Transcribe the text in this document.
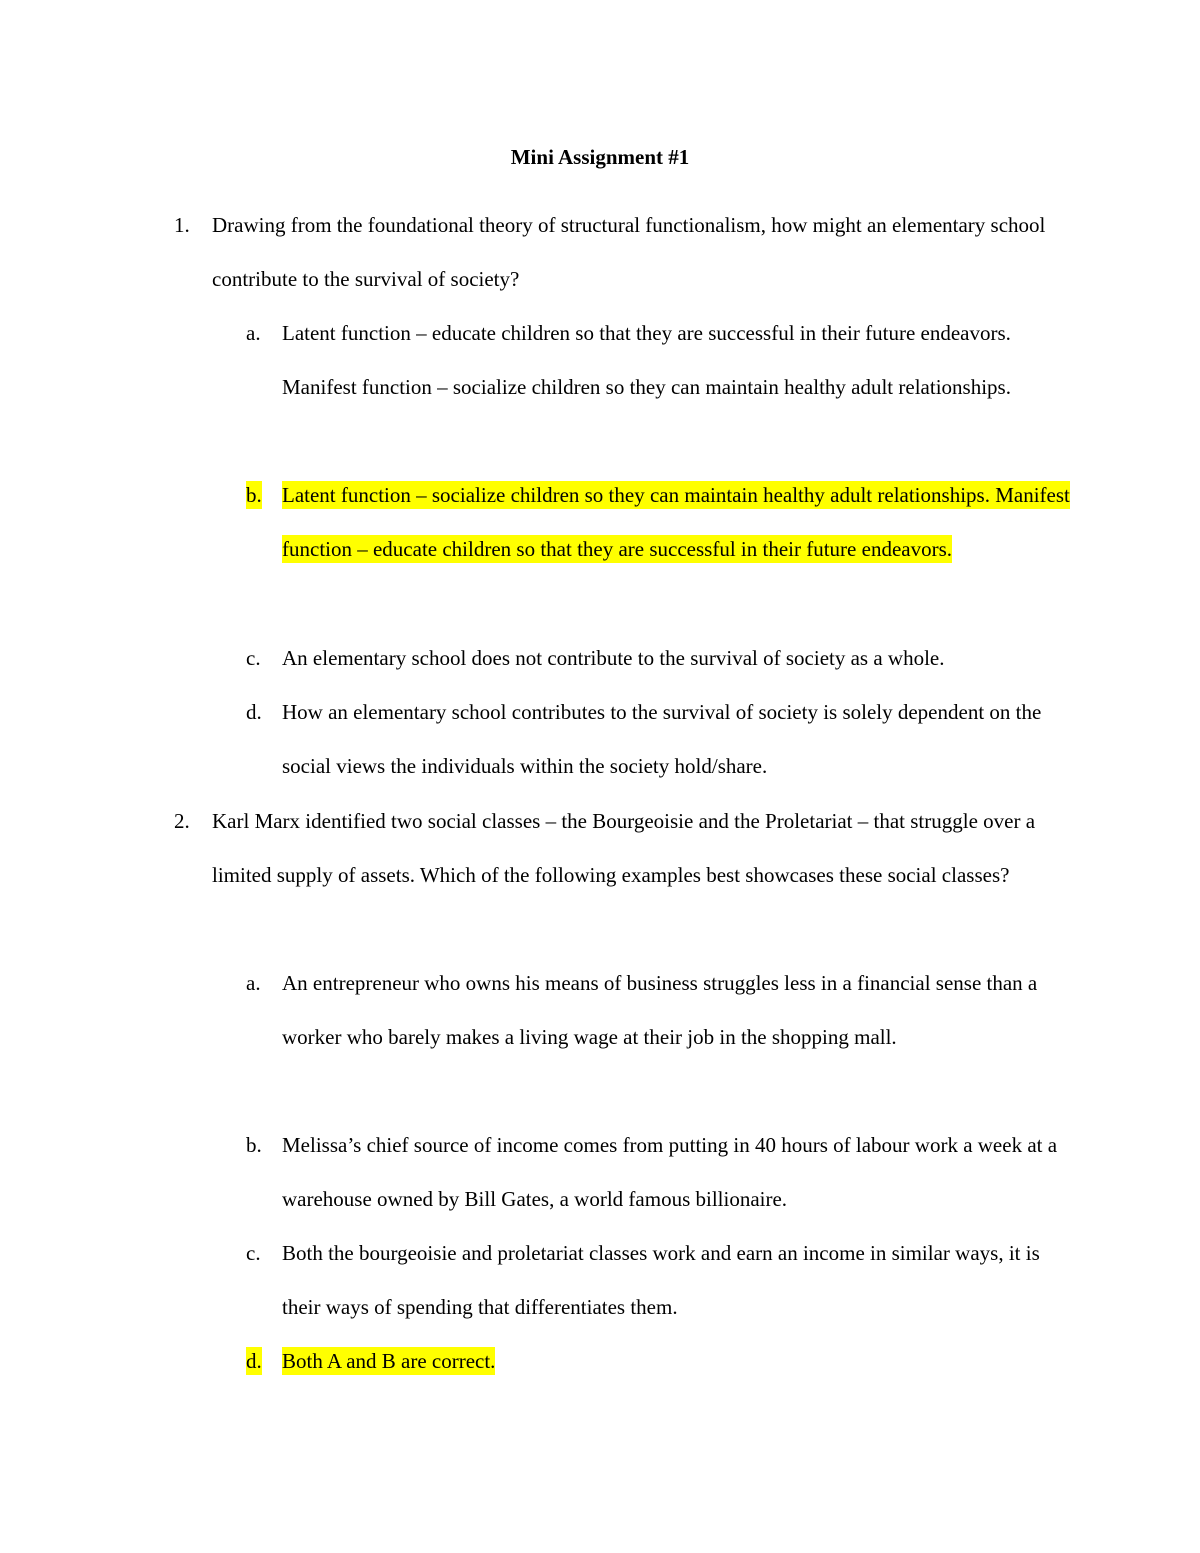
Mini Assignment #1
1. Drawing from the foundational theory of structural functionalism, how might an elementary school contribute to the survival of society?
a. Latent function – educate children so that they are successful in their future endeavors. Manifest function – socialize children so they can maintain healthy adult relationships.
b. Latent function – socialize children so they can maintain healthy adult relationships. Manifest function – educate children so that they are successful in their future endeavors.
c. An elementary school does not contribute to the survival of society as a whole.
d. How an elementary school contributes to the survival of society is solely dependent on the social views the individuals within the society hold/share.
2. Karl Marx identified two social classes – the Bourgeoisie and the Proletariat – that struggle over a limited supply of assets. Which of the following examples best showcases these social classes?
a. An entrepreneur who owns his means of business struggles less in a financial sense than a worker who barely makes a living wage at their job in the shopping mall.
b. Melissa’s chief source of income comes from putting in 40 hours of labour work a week at a warehouse owned by Bill Gates, a world famous billionaire.
c. Both the bourgeoisie and proletariat classes work and earn an income in similar ways, it is their ways of spending that differentiates them.
d. Both A and B are correct.
